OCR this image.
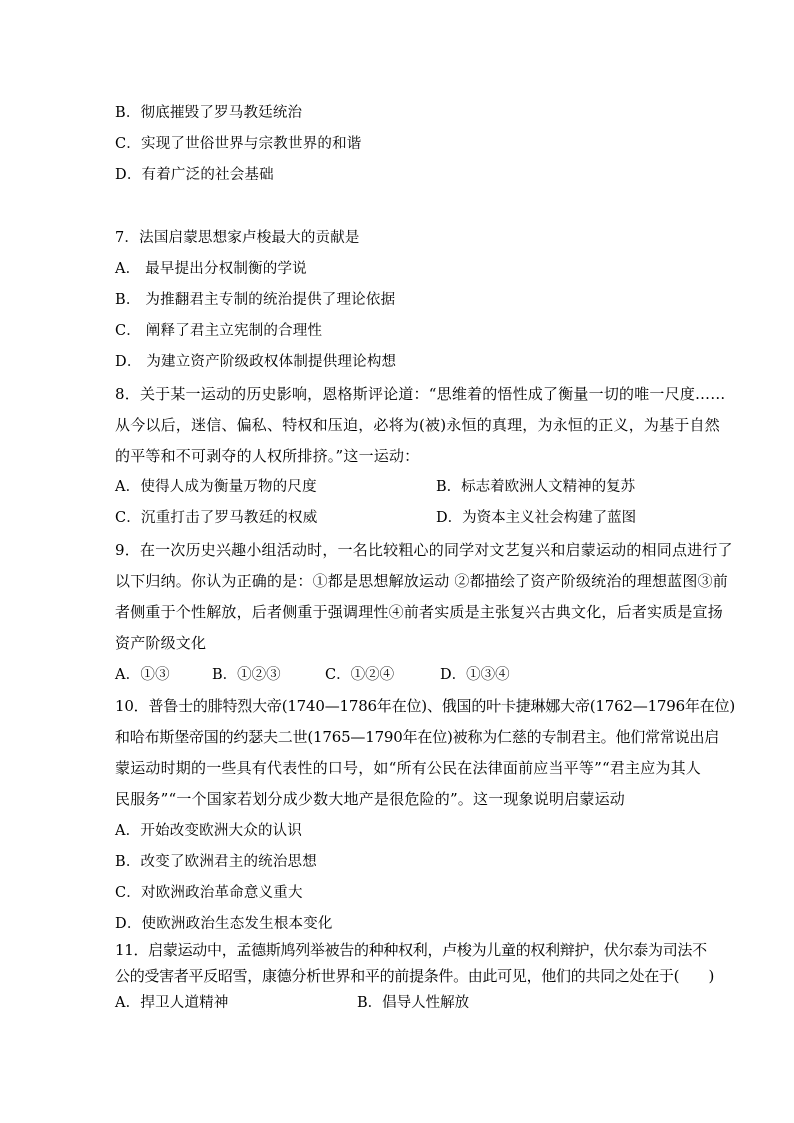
B．彻底摧毁了罗马教廷统治
C．实现了世俗世界与宗教世界的和谐
D．有着广泛的社会基础
7．法国启蒙思想家卢梭最大的贡献是
A． 最早提出分权制衡的学说
B． 为推翻君主专制的统治提供了理论依据
C． 阐释了君主立宪制的合理性
D． 为建立资产阶级政权体制提供理论构想
8．关于某一运动的历史影响，恩格斯评论道：“思维着的悟性成了衡量一切的唯一尺度……
从今以后，迷信、偏私、特权和压迫，必将为(被)永恒的真理，为永恒的正义，为基于自然
的平等和不可剥夺的人权所排挤。”这一运动：
A．使得人成为衡量万物的尺度	B．标志着欧洲人文精神的复苏
C．沉重打击了罗马教廷的权威	D．为资本主义社会构建了蓝图
9．在一次历史兴趣小组活动时，一名比较粗心的同学对文艺复兴和启蒙运动的相同点进行了
以下归纳。你认为正确的是：①都是思想解放运动 ②都描绘了资产阶级统治的理想蓝图③前
者侧重于个性解放，后者侧重于强调理性④前者实质是主张复兴古典文化，后者实质是宣扬
资产阶级文化
A．①③	B．①②③	C．①②④	D．①③④
10．普鲁士的腓特烈大帝(1740—1786年在位)、俄国的叶卡捷琳娜大帝(1762—1796年在位)
和哈布斯堡帝国的约瑟夫二世(1765—1790年在位)被称为仁慈的专制君主。他们常常说出启
蒙运动时期的一些具有代表性的口号，如“所有公民在法律面前应当平等”“君主应为其人
民服务”“一个国家若划分成少数大地产是很危险的”。这一现象说明启蒙运动
A．开始改变欧洲大众的认识
B．改变了欧洲君主的统治思想
C．对欧洲政治革命意义重大
D．使欧洲政治生态发生根本变化
11．启蒙运动中，孟德斯鸠列举被告的种种权利，卢梭为儿童的权利辩护，伏尔泰为司法不
公的受害者平反昭雪，康德分析世界和平的前提条件。由此可见，他们的共同之处在于(　　)
A．捍卫人道精神	B．倡导人性解放
